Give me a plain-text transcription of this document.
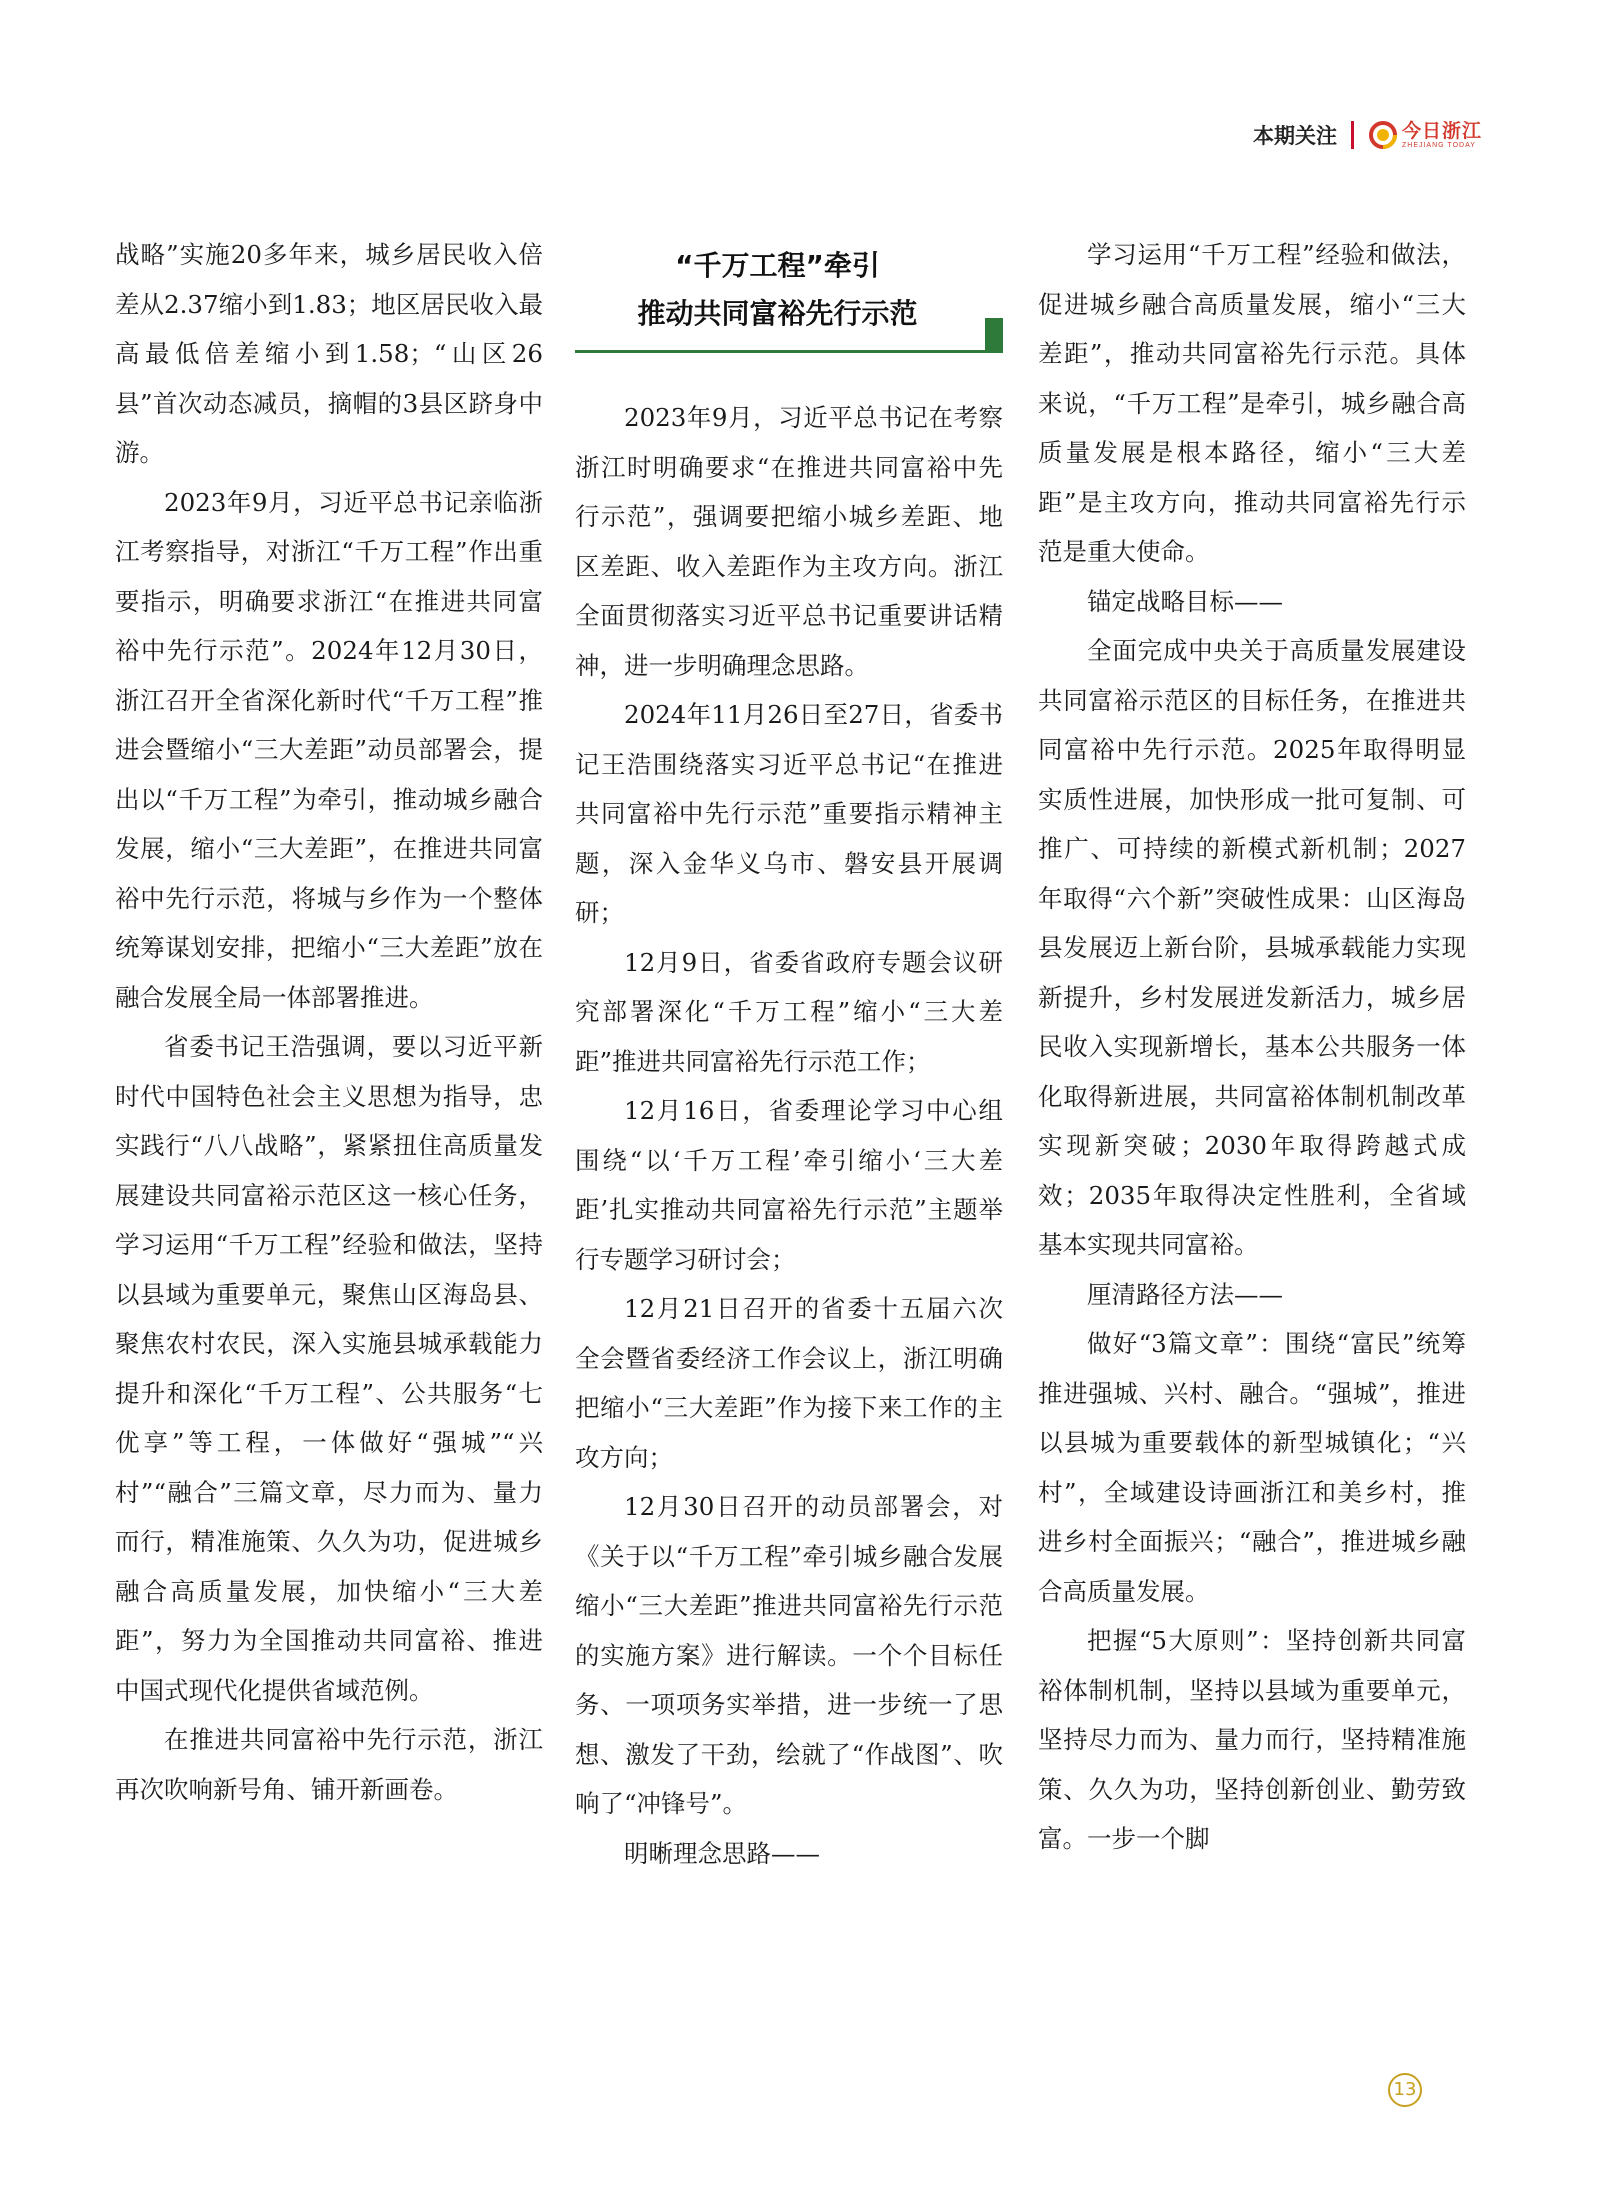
本期关注	今日浙江
ZHEJIANG TODAY

战略”实施20多年来，城乡居民收入倍差从2.37缩小到1.83；地区居民收入最高最低倍差缩小到1.58；“山区26县”首次动态减员，摘帽的3县区跻身中游。

2023年9月，习近平总书记亲临浙江考察指导，对浙江“千万工程”作出重要指示，明确要求浙江“在推进共同富裕中先行示范”。2024年12月30日，浙江召开全省深化新时代“千万工程”推进会暨缩小“三大差距”动员部署会，提出以“千万工程”为牵引，推动城乡融合发展，缩小“三大差距”，在推进共同富裕中先行示范，将城与乡作为一个整体统筹谋划安排，把缩小“三大差距”放在融合发展全局一体部署推进。

省委书记王浩强调，要以习近平新时代中国特色社会主义思想为指导，忠实践行“八八战略”，紧紧扭住高质量发展建设共同富裕示范区这一核心任务，学习运用“千万工程”经验和做法，坚持以县域为重要单元，聚焦山区海岛县、聚焦农村农民，深入实施县城承载能力提升和深化“千万工程”、公共服务“七优享”等工程，一体做好“强城”“兴村”“融合”三篇文章，尽力而为、量力而行，精准施策、久久为功，促进城乡融合高质量发展，加快缩小“三大差距”，努力为全国推动共同富裕、推进中国式现代化提供省域范例。

在推进共同富裕中先行示范，浙江再次吹响新号角、铺开新画卷。

“千万工程”牵引
推动共同富裕先行示范

2023年9月，习近平总书记在考察浙江时明确要求“在推进共同富裕中先行示范”，强调要把缩小城乡差距、地区差距、收入差距作为主攻方向。浙江全面贯彻落实习近平总书记重要讲话精神，进一步明确理念思路。

2024年11月26日至27日，省委书记王浩围绕落实习近平总书记“在推进共同富裕中先行示范”重要指示精神主题，深入金华义乌市、磐安县开展调研；

12月9日，省委省政府专题会议研究部署深化“千万工程”缩小“三大差距”推进共同富裕先行示范工作；

12月16日，省委理论学习中心组围绕“以‘千万工程’牵引缩小‘三大差距’扎实推动共同富裕先行示范”主题举行专题学习研讨会；

12月21日召开的省委十五届六次全会暨省委经济工作会议上，浙江明确把缩小“三大差距”作为接下来工作的主攻方向；

12月30日召开的动员部署会，对《关于以“千万工程”牵引城乡融合发展缩小“三大差距”推进共同富裕先行示范的实施方案》进行解读。一个个目标任务、一项项务实举措，进一步统一了思想、激发了干劲，绘就了“作战图”、吹响了“冲锋号”。

明晰理念思路——

学习运用“千万工程”经验和做法，促进城乡融合高质量发展，缩小“三大差距”，推动共同富裕先行示范。具体来说，“千万工程”是牵引，城乡融合高质量发展是根本路径，缩小“三大差距”是主攻方向，推动共同富裕先行示范是重大使命。

锚定战略目标——

全面完成中央关于高质量发展建设共同富裕示范区的目标任务，在推进共同富裕中先行示范。2025年取得明显实质性进展，加快形成一批可复制、可推广、可持续的新模式新机制；2027年取得“六个新”突破性成果：山区海岛县发展迈上新台阶，县城承载能力实现新提升，乡村发展迸发新活力，城乡居民收入实现新增长，基本公共服务一体化取得新进展，共同富裕体制机制改革实现新突破；2030年取得跨越式成效；2035年取得决定性胜利，全省域基本实现共同富裕。

厘清路径方法——

做好“3篇文章”：围绕“富民”统筹推进强城、兴村、融合。“强城”，推进以县城为重要载体的新型城镇化；“兴村”，全域建设诗画浙江和美乡村，推进乡村全面振兴；“融合”，推进城乡融合高质量发展。

把握“5大原则”：坚持创新共同富裕体制机制，坚持以县域为重要单元，坚持尽力而为、量力而行，坚持精准施策、久久为功，坚持创新创业、勤劳致富。一步一个脚

13
